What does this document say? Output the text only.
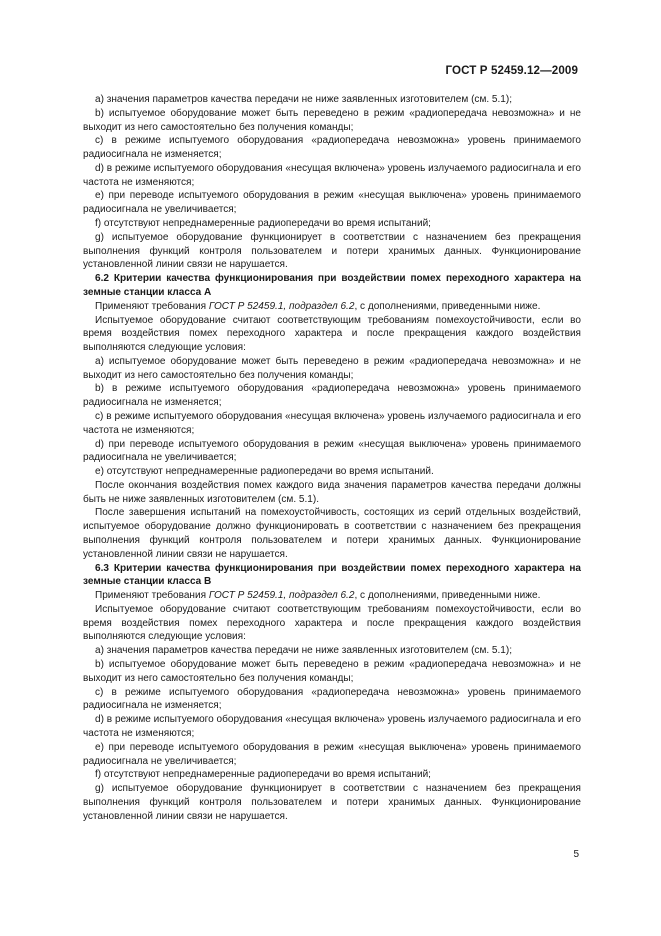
ГОСТ Р 52459.12—2009

a) значения параметров качества передачи не ниже заявленных изготовителем (см. 5.1);

b) испытуемое оборудование может быть переведено в режим «радиопередача невозможна» и не выходит из него самостоятельно без получения команды;

c) в режиме испытуемого оборудования «радиопередача невозможна» уровень принимаемого радиосигнала не изменяется;

d) в режиме испытуемого оборудования «несущая включена» уровень излучаемого радиосигнала и его частота не изменяются;

e) при переводе испытуемого оборудования в режим «несущая выключена» уровень принимаемого радиосигнала не увеличивается;

f) отсутствуют непреднамеренные радиопередачи во время испытаний;

g) испытуемое оборудование функционирует в соответствии с назначением без прекращения выполнения функций контроля пользователем и потери хранимых данных. Функционирование установленной линии связи не нарушается.

6.2 Критерии качества функционирования при воздействии помех переходного характера на земные станции класса А

Применяют требования ГОСТ Р 52459.1, подраздел 6.2, с дополнениями, приведенными ниже.

Испытуемое оборудование считают соответствующим требованиям помехоустойчивости, если во время воздействия помех переходного характера и после прекращения каждого воздействия выполняются следующие условия:

a) испытуемое оборудование может быть переведено в режим «радиопередача невозможна» и не выходит из него самостоятельно без получения команды;

b) в режиме испытуемого оборудования «радиопередача невозможна» уровень принимаемого радиосигнала не изменяется;

c) в режиме испытуемого оборудования «несущая включена» уровень излучаемого радиосигнала и его частота не изменяются;

d) при переводе испытуемого оборудования в режим «несущая выключена» уровень принимаемого радиосигнала не увеличивается;

e) отсутствуют непреднамеренные радиопередачи во время испытаний.

После окончания воздействия помех каждого вида значения параметров качества передачи должны быть не ниже заявленных изготовителем (см. 5.1).

После завершения испытаний на помехоустойчивость, состоящих из серий отдельных воздействий, испытуемое оборудование должно функционировать в соответствии с назначением без прекращения выполнения функций контроля пользователем и потери хранимых данных. Функционирование установленной линии связи не нарушается.

6.3 Критерии качества функционирования при воздействии помех переходного характера на земные станции класса В

Применяют требования ГОСТ Р 52459.1, подраздел 6.2, с дополнениями, приведенными ниже.

Испытуемое оборудование считают соответствующим требованиям помехоустойчивости, если во время воздействия помех переходного характера и после прекращения каждого воздействия выполняются следующие условия:

a) значения параметров качества передачи не ниже заявленных изготовителем (см. 5.1);

b) испытуемое оборудование может быть переведено в режим «радиопередача невозможна» и не выходит из него самостоятельно без получения команды;

c) в режиме испытуемого оборудования «радиопередача невозможна» уровень принимаемого радиосигнала не изменяется;

d) в режиме испытуемого оборудования «несущая включена» уровень излучаемого радиосигнала и его частота не изменяются;

e) при переводе испытуемого оборудования в режим «несущая выключена» уровень принимаемого радиосигнала не увеличивается;

f) отсутствуют непреднамеренные радиопередачи во время испытаний;

g) испытуемое оборудование функционирует в соответствии с назначением без прекращения выполнения функций контроля пользователем и потери хранимых данных. Функционирование установленной линии связи не нарушается.

5
